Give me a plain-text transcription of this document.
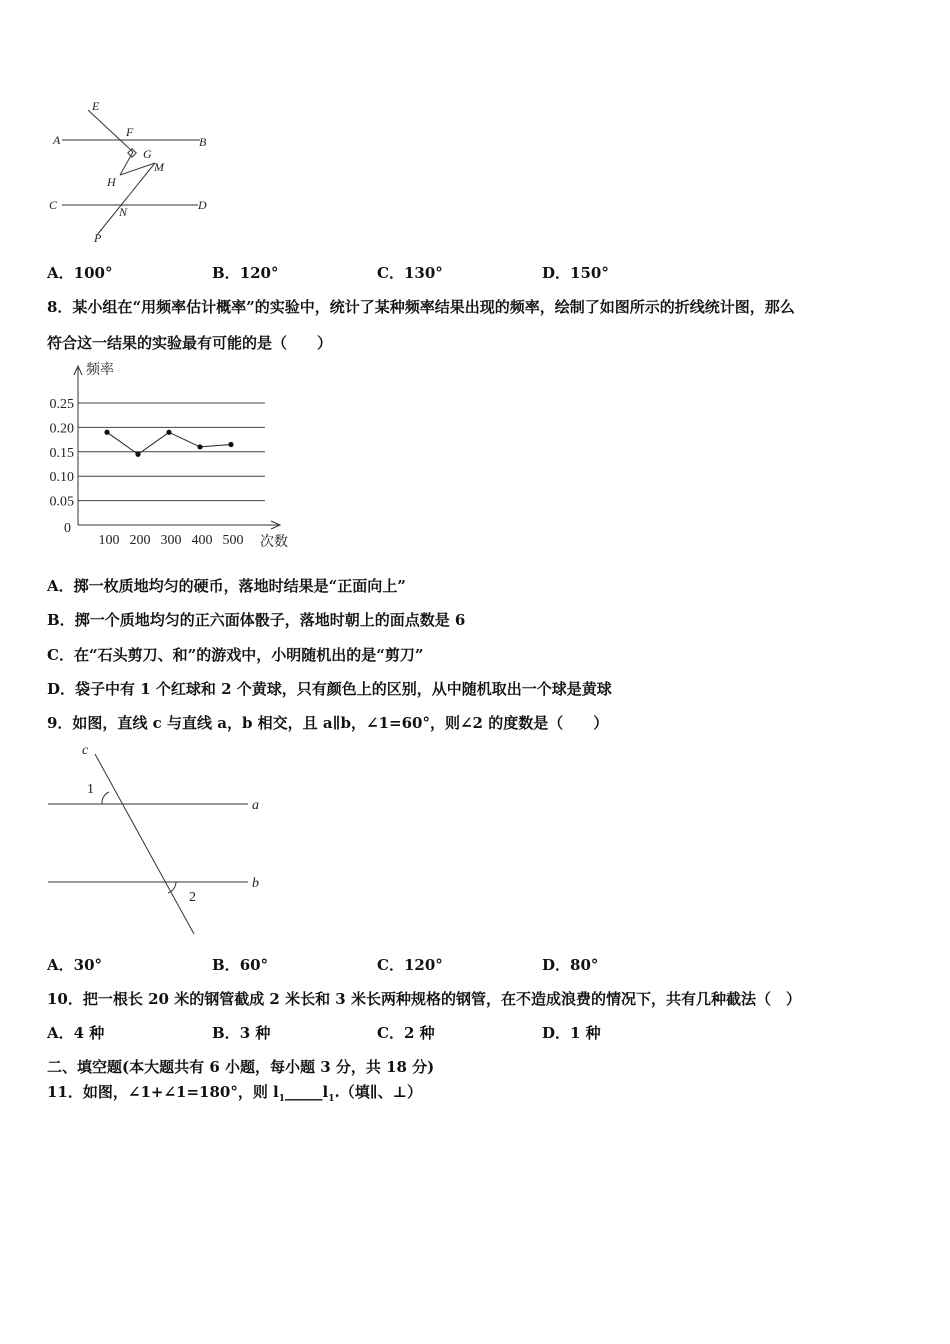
E
F
A	B
G
M
H
C	D
N
P
A．100°	B．120°	C．130°	D．150°
8．某小组在“用频率估计概率”的实验中，统计了某种频率结果出现的频率，绘制了如图所示的折线统计图，那么
符合这一结果的实验最有可能的是（　　）
0.05
0.10
0.15
0.20
0.25
100 200 300 400 500
频率
次数
0
A．掷一枚质地均匀的硬币，落地时结果是“正面向上”
B．掷一个质地均匀的正六面体骰子，落地时朝上的面点数是 6
C．在“石头剪刀、和”的游戏中，小明随机出的是“剪刀”
D．袋子中有 1 个红球和 2 个黄球，只有颜色上的区别，从中随机取出一个球是黄球
9．如图，直线 c 与直线 a，b 相交，且 a∥b，∠1=60°，则∠2 的度数是（　　）
c
1
a
b
2
A．30°	B．60°	C．120°	D．80°
10．把一根长 20 米的钢管截成 2 米长和 3 米长两种规格的钢管，在不造成浪费的情况下，共有几种截法（　）
A．4 种	B．3 种	C．2 种	D．1 种
二、填空题(本大题共有 6 小题，每小题 3 分，共 18 分)
11．如图，∠1+∠1=180°，则 $l_1\_\_\_\_\_l_1$.（填∥、⊥）
